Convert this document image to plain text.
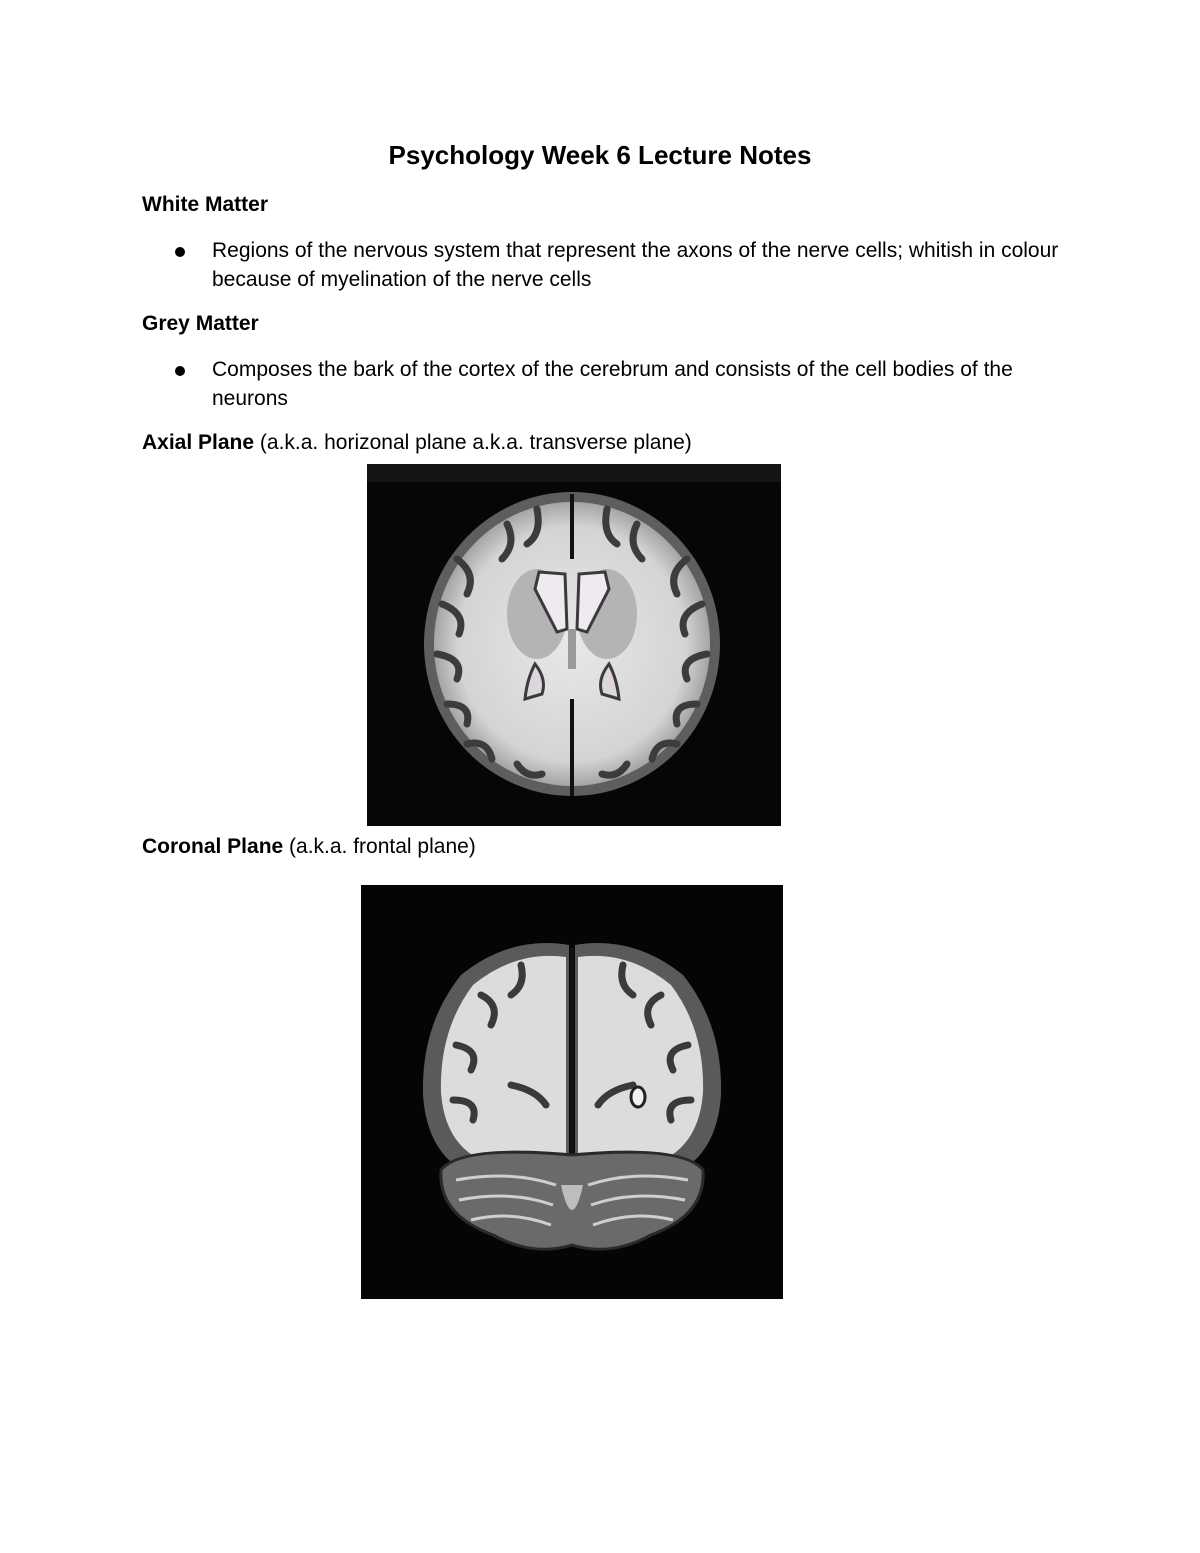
Psychology Week 6 Lecture Notes
White Matter
Regions of the nervous system that represent the axons of the nerve cells; whitish in colour because of myelination of the nerve cells
Grey Matter
Composes the bark of the cortex of the cerebrum and consists of the cell bodies of the neurons

Axial Plane (a.k.a. horizonal plane a.k.a. transverse plane)

Coronal Plane (a.k.a. frontal plane)
